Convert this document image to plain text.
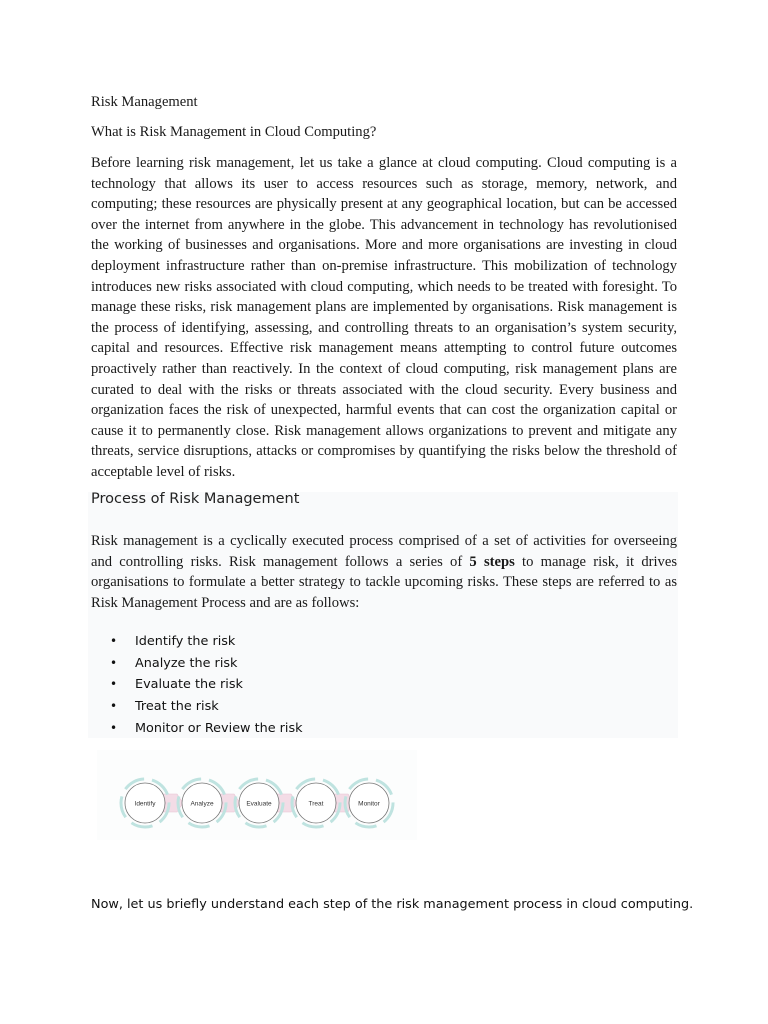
Risk Management

What is Risk Management in Cloud Computing?

Before learning risk management, let us take a glance at cloud computing. Cloud computing is a technology that allows its user to access resources such as storage, memory, network, and computing; these resources are physically present at any geographical location, but can be accessed over the internet from anywhere in the globe. This advancement in technology has revolutionised the working of businesses and organisations. More and more organisations are investing in cloud deployment infrastructure rather than on-premise infrastructure. This mobilization of technology introduces new risks associated with cloud computing, which needs to be treated with foresight. To manage these risks, risk management plans are implemented by organisations. Risk management is the process of identifying, assessing, and controlling threats to an organisation’s system security, capital and resources. Effective risk management means attempting to control future outcomes proactively rather than reactively. In the context of cloud computing, risk management plans are curated to deal with the risks or threats associated with the cloud security. Every business and organization faces the risk of unexpected, harmful events that can cost the organization capital or cause it to permanently close. Risk management allows organizations to prevent and mitigate any threats, service disruptions, attacks or compromises by quantifying the risks below the threshold of acceptable level of risks.

Process of Risk Management

Risk management is a cyclically executed process comprised of a set of activities for overseeing and controlling risks. Risk management follows a series of 5 steps to manage risk, it drives organisations to formulate a better strategy to tackle upcoming risks. These steps are referred to as Risk Management Process and are as follows:

• Identify the risk
• Analyze the risk
• Evaluate the risk
• Treat the risk
• Monitor or Review the risk
Identify	Analyze	Evaluate	Treat	Monitor

Now, let us briefly understand each step of the risk management process in cloud computing.
